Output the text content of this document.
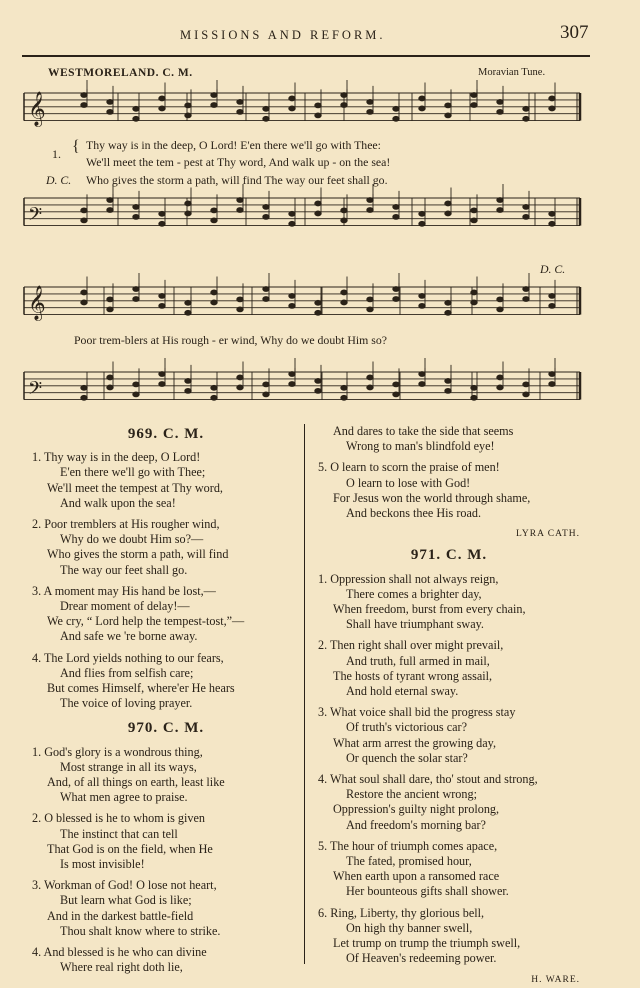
MISSIONS AND REFORM.	307
WESTMORELAND. C. M.	Moravian Tune.
𝄞
𝄢
𝄞
𝄢
1. { Thy way is in the deep, O Lord! E'en there we'll go with Thee:
We'll meet the tem - pest at Thy word, And walk up - on the sea!
D. C. Who gives the storm a path, will find The way our feet shall go.
D. C.
Poor trem-blers at His rough - er wind, Why do we doubt Him so?
969. C. M.
1. Thy way is in the deep, O Lord!
E'en there we'll go with Thee;
We'll meet the tempest at Thy word,
And walk upon the sea!
2. Poor tremblers at His rougher wind,
Why do we doubt Him so?—
Who gives the storm a path, will find
The way our feet shall go.
3. A moment may His hand be lost,—
Drear moment of delay!—
We cry, “ Lord help the tempest-tost,”—
And safe we 're borne away.
4. The Lord yields nothing to our fears,
And flies from selfish care;
But comes Himself, where'er He hears
The voice of loving prayer.
970. C. M.
1. God's glory is a wondrous thing,
Most strange in all its ways,
And, of all things on earth, least like
What men agree to praise.
2. O blessed is he to whom is given
The instinct that can tell
That God is on the field, when He
Is most invisible!
3. Workman of God! O lose not heart,
But learn what God is like;
And in the darkest battle-field
Thou shalt know where to strike.
4. And blessed is he who can divine
Where real right doth lie,
And dares to take the side that seems
Wrong to man's blindfold eye!
5. O learn to scorn the praise of men!
O learn to lose with God!
For Jesus won the world through shame,
And beckons thee His road.
LYRA CATH.
971. C. M.
1. Oppression shall not always reign,
There comes a brighter day,
When freedom, burst from every chain,
Shall have triumphant sway.
2. Then right shall over might prevail,
And truth, full armed in mail,
The hosts of tyrant wrong assail,
And hold eternal sway.
3. What voice shall bid the progress stay
Of truth's victorious car?
What arm arrest the growing day,
Or quench the solar star?
4. What soul shall dare, tho' stout and strong,
Restore the ancient wrong;
Oppression's guilty night prolong,
And freedom's morning bar?
5. The hour of triumph comes apace,
The fated, promised hour,
When earth upon a ransomed race
Her bounteous gifts shall shower.
6. Ring, Liberty, thy glorious bell,
On high thy banner swell,
Let trump on trump the triumph swell,
Of Heaven's redeeming power.
H. WARE.
